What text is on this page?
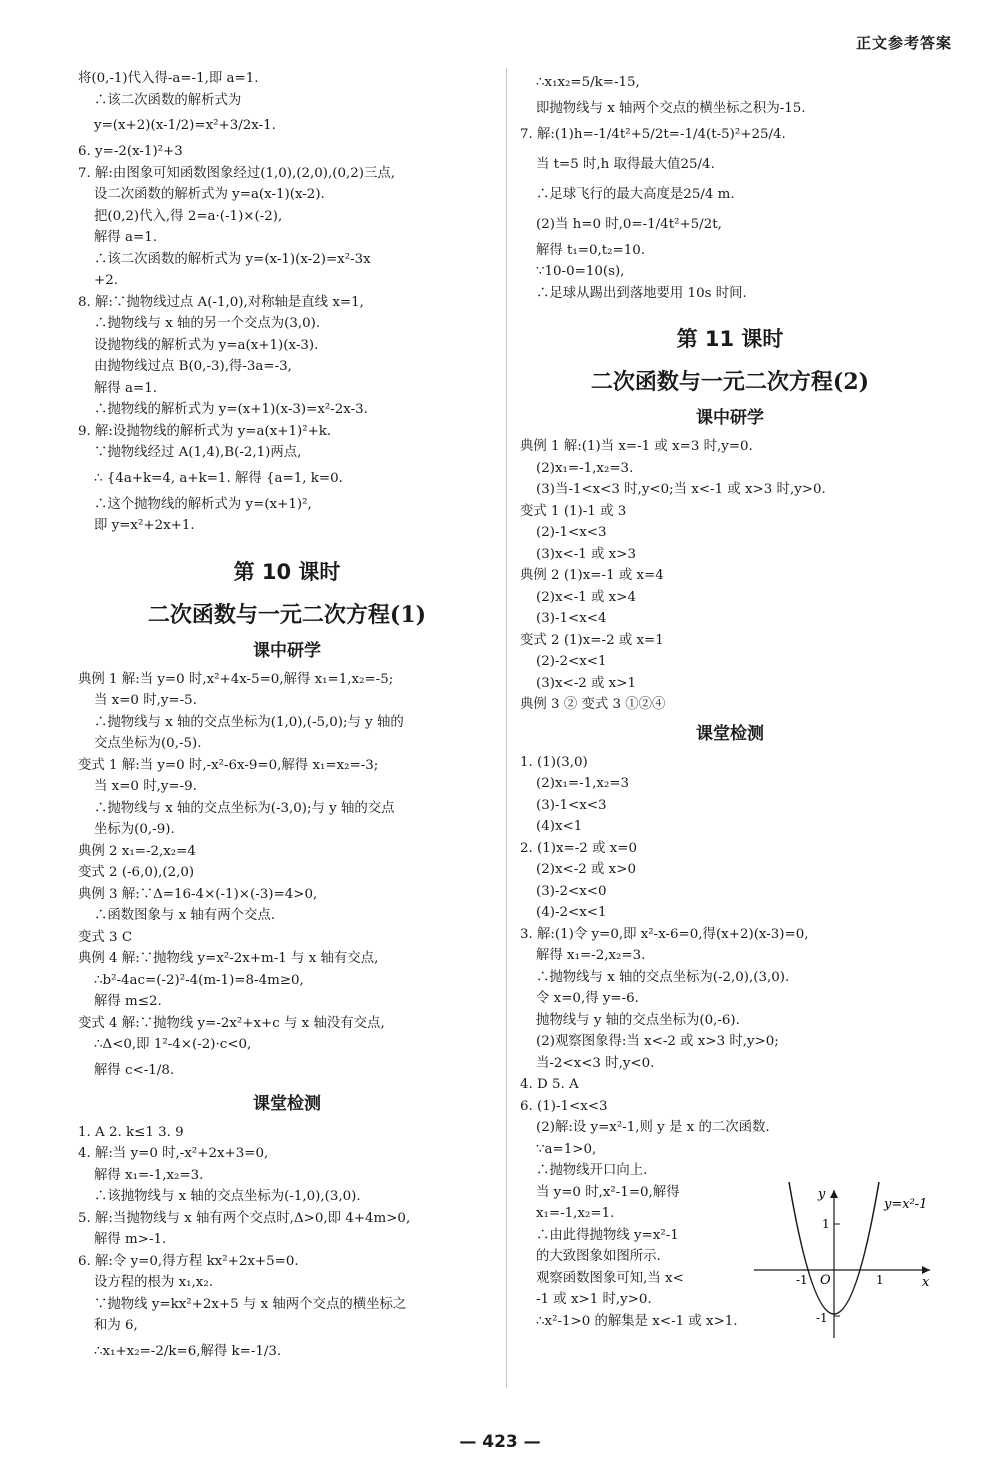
正文参考答案

将(0,-1)代入得-a=-1,即 a=1.

∴该二次函数的解析式为

y=(x+2)(x-1/2)=x²+3/2x-1.

6. y=-2(x-1)²+3

7. 解:由图象可知函数图象经过(1,0),(2,0),(0,2)三点,

设二次函数的解析式为 y=a(x-1)(x-2).

把(0,2)代入,得 2=a·(-1)×(-2),

解得 a=1.

∴该二次函数的解析式为 y=(x-1)(x-2)=x²-3x

+2.

8. 解:∵抛物线过点 A(-1,0),对称轴是直线 x=1,

∴抛物线与 x 轴的另一个交点为(3,0).

设抛物线的解析式为 y=a(x+1)(x-3).

由抛物线过点 B(0,-3),得-3a=-3,

解得 a=1.

∴抛物线的解析式为 y=(x+1)(x-3)=x²-2x-3.

9. 解:设抛物线的解析式为 y=a(x+1)²+k.

∵抛物线经过 A(1,4),B(-2,1)两点,

∴ {4a+k=4, a+k=1. 解得 {a=1, k=0.

∴这个抛物线的解析式为 y=(x+1)²,

即 y=x²+2x+1.

第 10 课时
二次函数与一元二次方程(1)
课中研学

典例 1 解:当 y=0 时,x²+4x-5=0,解得 x₁=1,x₂=-5;

当 x=0 时,y=-5.

∴抛物线与 x 轴的交点坐标为(1,0),(-5,0);与 y 轴的

交点坐标为(0,-5).

变式 1 解:当 y=0 时,-x²-6x-9=0,解得 x₁=x₂=-3;

当 x=0 时,y=-9.

∴抛物线与 x 轴的交点坐标为(-3,0);与 y 轴的交点

坐标为(0,-9).

典例 2 x₁=-2,x₂=4

变式 2 (-6,0),(2,0)

典例 3 解:∵Δ=16-4×(-1)×(-3)=4>0,

∴函数图象与 x 轴有两个交点.

变式 3 C

典例 4 解:∵抛物线 y=x²-2x+m-1 与 x 轴有交点,

∴b²-4ac=(-2)²-4(m-1)=8-4m≥0,

解得 m≤2.

变式 4 解:∵抛物线 y=-2x²+x+c 与 x 轴没有交点,

∴Δ<0,即 1²-4×(-2)·c<0,

解得 c<-1/8.

课堂检测

1. A 2. k≤1 3. 9

4. 解:当 y=0 时,-x²+2x+3=0,

解得 x₁=-1,x₂=3.

∴该抛物线与 x 轴的交点坐标为(-1,0),(3,0).

5. 解:当抛物线与 x 轴有两个交点时,Δ>0,即 4+4m>0,

解得 m>-1.

6. 解:令 y=0,得方程 kx²+2x+5=0.

设方程的根为 x₁,x₂.

∵抛物线 y=kx²+2x+5 与 x 轴两个交点的横坐标之

和为 6,

∴x₁+x₂=-2/k=6,解得 k=-1/3.

∴x₁x₂=5/k=-15,

即抛物线与 x 轴两个交点的横坐标之积为-15.

7. 解:(1)h=-1/4t²+5/2t=-1/4(t-5)²+25/4.

当 t=5 时,h 取得最大值25/4.

∴足球飞行的最大高度是25/4 m.

(2)当 h=0 时,0=-1/4t²+5/2t,

解得 t₁=0,t₂=10.

∵10-0=10(s),

∴足球从踢出到落地要用 10s 时间.

第 11 课时
二次函数与一元二次方程(2)
课中研学

典例 1 解:(1)当 x=-1 或 x=3 时,y=0.

(2)x₁=-1,x₂=3.

(3)当-1<x<3 时,y<0;当 x<-1 或 x>3 时,y>0.

变式 1 (1)-1 或 3

(2)-1<x<3

(3)x<-1 或 x>3

典例 2 (1)x=-1 或 x=4

(2)x<-1 或 x>4

(3)-1<x<4

变式 2 (1)x=-2 或 x=1

(2)-2<x<1

(3)x<-2 或 x>1

典例 3 ② 变式 3 ①②④

课堂检测

1. (1)(3,0)

(2)x₁=-1,x₂=3

(3)-1<x<3

(4)x<1

2. (1)x=-2 或 x=0

(2)x<-2 或 x>0

(3)-2<x<0

(4)-2<x<1

3. 解:(1)令 y=0,即 x²-x-6=0,得(x+2)(x-3)=0,

解得 x₁=-2,x₂=3.

∴抛物线与 x 轴的交点坐标为(-2,0),(3,0).

令 x=0,得 y=-6.

抛物线与 y 轴的交点坐标为(0,-6).

(2)观察图象得:当 x<-2 或 x>3 时,y>0;

当-2<x<3 时,y<0.

4. D 5. A

6. (1)-1<x<3

(2)解:设 y=x²-1,则 y 是 x 的二次函数.

∵a=1>0,

∴抛物线开口向上.

当 y=0 时,x²-1=0,解得

x₁=-1,x₂=1.

∴由此得抛物线 y=x²-1

的大致图象如图所示.

观察函数图象可知,当 x<

-1 或 x>1 时,y>0.

∴x²-1>0 的解集是 x<-1 或 x>1.

y=x²-1
x
y
O
-1	1
1
-1
— 423 —
